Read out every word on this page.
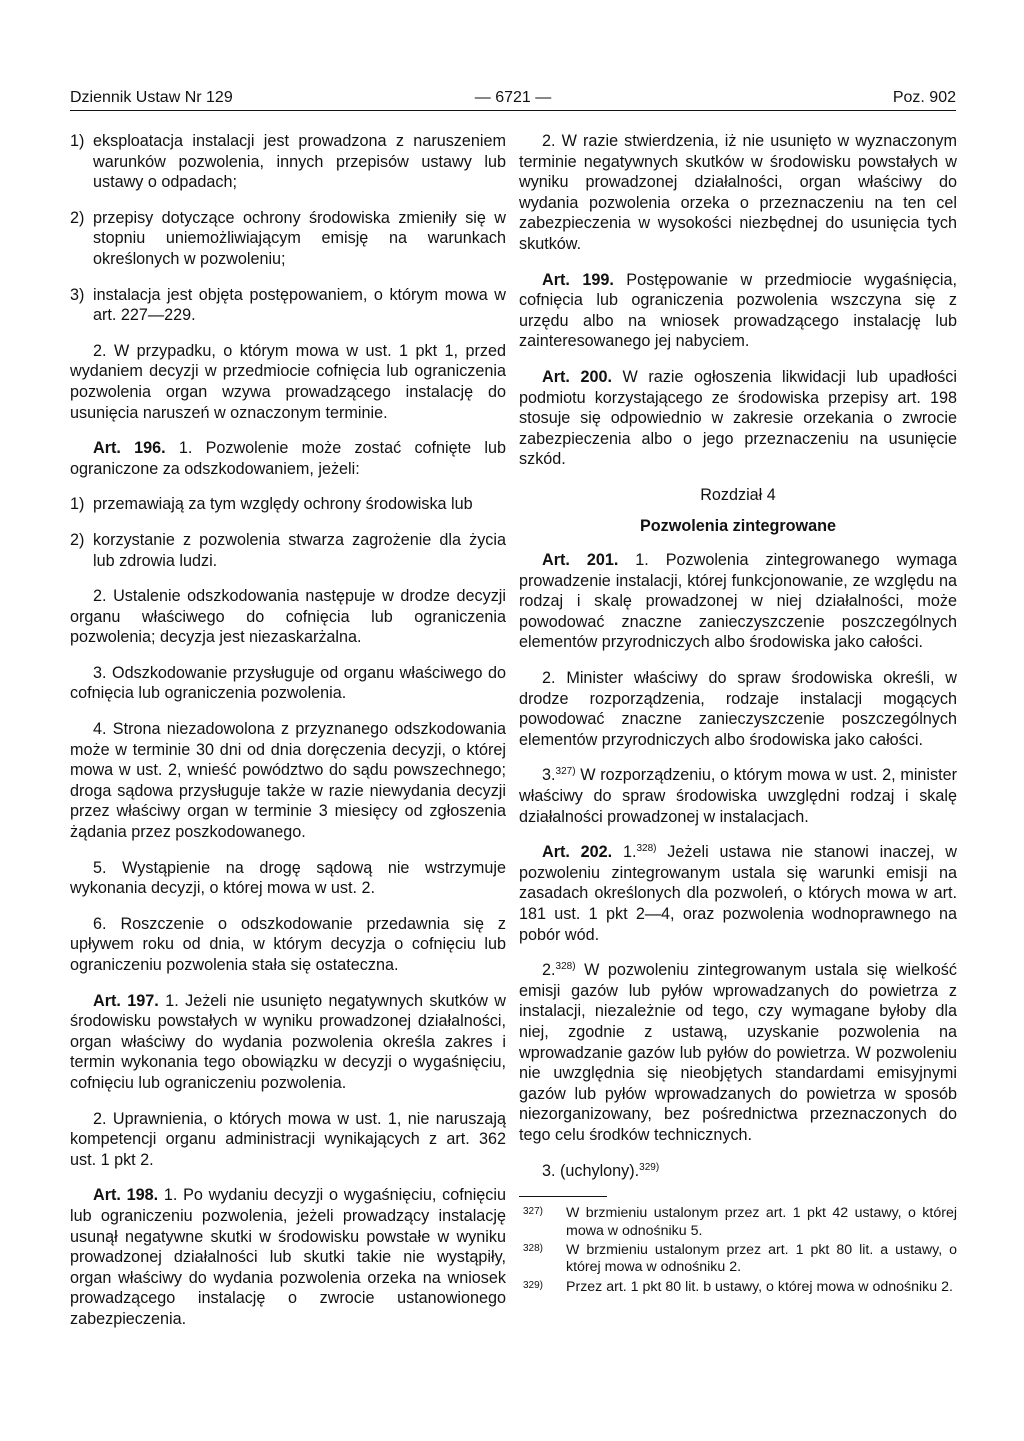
Dziennik Ustaw Nr 129	— 6721 —	Poz. 902
1) eksploatacja instalacji jest prowadzona z naruszeniem warunków pozwolenia, innych przepisów ustawy lub ustawy o odpadach;
2) przepisy dotyczące ochrony środowiska zmieniły się w stopniu uniemożliwiającym emisję na warunkach określonych w pozwoleniu;
3) instalacja jest objęta postępowaniem, o którym mowa w art. 227—229.

2. W przypadku, o którym mowa w ust. 1 pkt 1, przed wydaniem decyzji w przedmiocie cofnięcia lub ograniczenia pozwolenia organ wzywa prowadzącego instalację do usunięcia naruszeń w oznaczonym terminie.

Art. 196. 1. Pozwolenie może zostać cofnięte lub ograniczone za odszkodowaniem, jeżeli:

1) przemawiają za tym względy ochrony środowiska lub
2) korzystanie z pozwolenia stwarza zagrożenie dla życia lub zdrowia ludzi.

2. Ustalenie odszkodowania następuje w drodze decyzji organu właściwego do cofnięcia lub ograniczenia pozwolenia; decyzja jest niezaskarżalna.

3. Odszkodowanie przysługuje od organu właściwego do cofnięcia lub ograniczenia pozwolenia.

4. Strona niezadowolona z przyznanego odszkodowania może w terminie 30 dni od dnia doręczenia decyzji, o której mowa w ust. 2, wnieść powództwo do sądu powszechnego; droga sądowa przysługuje także w razie niewydania decyzji przez właściwy organ w terminie 3 miesięcy od zgłoszenia żądania przez poszkodowanego.

5. Wystąpienie na drogę sądową nie wstrzymuje wykonania decyzji, o której mowa w ust. 2.

6. Roszczenie o odszkodowanie przedawnia się z upływem roku od dnia, w którym decyzja o cofnięciu lub ograniczeniu pozwolenia stała się ostateczna.

Art. 197. 1. Jeżeli nie usunięto negatywnych skutków w środowisku powstałych w wyniku prowadzonej działalności, organ właściwy do wydania pozwolenia określa zakres i termin wykonania tego obowiązku w decyzji o wygaśnięciu, cofnięciu lub ograniczeniu pozwolenia.

2. Uprawnienia, o których mowa w ust. 1, nie naruszają kompetencji organu administracji wynikających z art. 362 ust. 1 pkt 2.

Art. 198. 1. Po wydaniu decyzji o wygaśnięciu, cofnięciu lub ograniczeniu pozwolenia, jeżeli prowadzący instalację usunął negatywne skutki w środowisku powstałe w wyniku prowadzonej działalności lub skutki takie nie wystąpiły, organ właściwy do wydania pozwolenia orzeka na wniosek prowadzącego instalację o zwrocie ustanowionego zabezpieczenia.

2. W razie stwierdzenia, iż nie usunięto w wyznaczonym terminie negatywnych skutków w środowisku powstałych w wyniku prowadzonej działalności, organ właściwy do wydania pozwolenia orzeka o przeznaczeniu na ten cel zabezpieczenia w wysokości niezbędnej do usunięcia tych skutków.

Art. 199. Postępowanie w przedmiocie wygaśnięcia, cofnięcia lub ograniczenia pozwolenia wszczyna się z urzędu albo na wniosek prowadzącego instalację lub zainteresowanego jej nabyciem.

Art. 200. W razie ogłoszenia likwidacji lub upadłości podmiotu korzystającego ze środowiska przepisy art. 198 stosuje się odpowiednio w zakresie orzekania o zwrocie zabezpieczenia albo o jego przeznaczeniu na usunięcie szkód.

Rozdział 4
Pozwolenia zintegrowane

Art. 201. 1. Pozwolenia zintegrowanego wymaga prowadzenie instalacji, której funkcjonowanie, ze względu na rodzaj i skalę prowadzonej w niej działalności, może powodować znaczne zanieczyszczenie poszczególnych elementów przyrodniczych albo środowiska jako całości.

2. Minister właściwy do spraw środowiska określi, w drodze rozporządzenia, rodzaje instalacji mogących powodować znaczne zanieczyszczenie poszczególnych elementów przyrodniczych albo środowiska jako całości.

3.$^{327)}$ W rozporządzeniu, o którym mowa w ust. 2, minister właściwy do spraw środowiska uwzględni rodzaj i skalę działalności prowadzonej w instalacjach.

Art. 202. 1.$^{328)}$ Jeżeli ustawa nie stanowi inaczej, w pozwoleniu zintegrowanym ustala się warunki emisji na zasadach określonych dla pozwoleń, o których mowa w art. 181 ust. 1 pkt 2—4, oraz pozwolenia wodnoprawnego na pobór wód.

2.$^{328)}$ W pozwoleniu zintegrowanym ustala się wielkość emisji gazów lub pyłów wprowadzanych do powietrza z instalacji, niezależnie od tego, czy wymagane byłoby dla niej, zgodnie z ustawą, uzyskanie pozwolenia na wprowadzanie gazów lub pyłów do powietrza. W pozwoleniu nie uwzględnia się nieobjętych standardami emisyjnymi gazów lub pyłów wprowadzanych do powietrza w sposób niezorganizowany, bez pośrednictwa przeznaczonych do tego celu środków technicznych.

3. (uchylony).$^{329)}$

327) W brzmieniu ustalonym przez art. 1 pkt 42 ustawy, o której mowa w odnośniku 5.
328) W brzmieniu ustalonym przez art. 1 pkt 80 lit. a ustawy, o której mowa w odnośniku 2.
329) Przez art. 1 pkt 80 lit. b ustawy, o której mowa w odnośniku 2.
